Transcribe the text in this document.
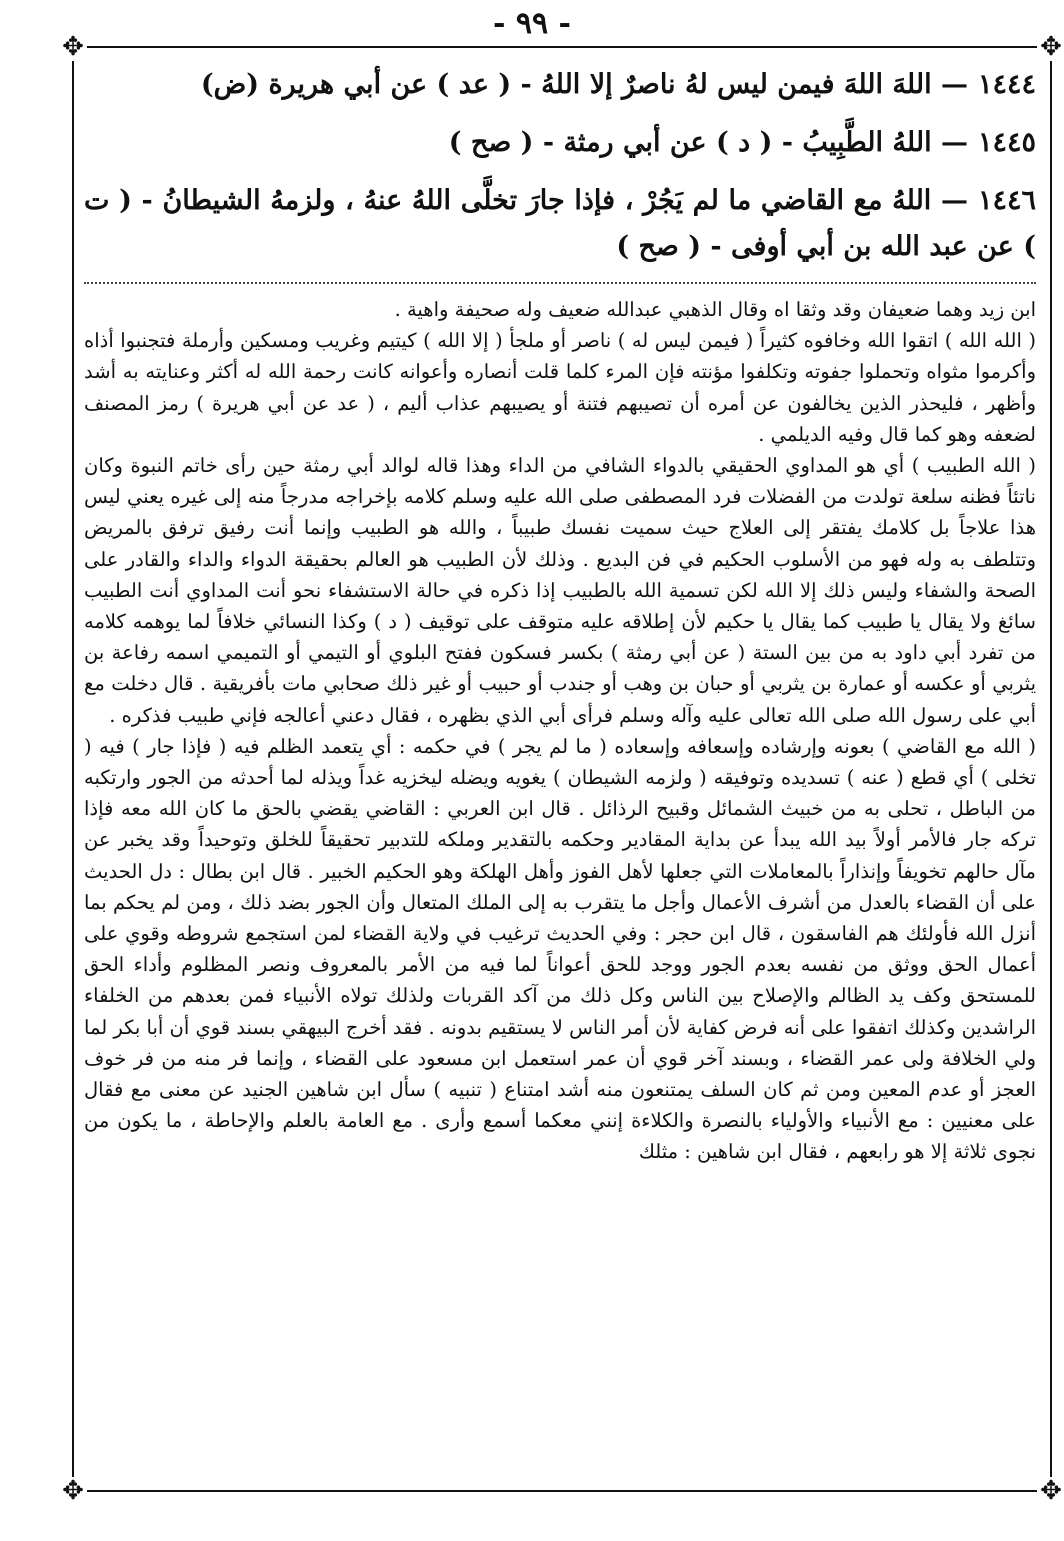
- ٩٩ -
✥	✥
✥	✥
١٤٤٤— اللهَ اللهَ فيمن ليس لهُ ناصرٌ إلا اللهُ - ( عد ) عن أبي هريرة (ض)
١٤٤٥— اللهُ الطَّبِيبُ - ( د ) عن أبي رمثة - ( صح )
١٤٤٦— اللهُ مع القاضي ما لم يَجُرْ ، فإذا جارَ تخلَّى اللهُ عنهُ ، ولزمهُ الشيطانُ - ( ت ) عن عبد الله بن أبي أوفى - ( صح )

ابن زيد وهما ضعيفان وقد وثقا اه وقال الذهبي عبدالله ضعيف وله صحيفة واهية .

( الله الله ) اتقوا الله وخافوه كثيراً ( فيمن ليس له ) ناصر أو ملجأ ( إلا الله ) كيتيم وغريب ومسكين وأرملة فتجنبوا أذاه وأكرموا مثواه وتحملوا جفوته وتكلفوا مؤنته فإن المرء كلما قلت أنصاره وأعوانه كانت رحمة الله له أكثر وعنايته به أشد وأظهر ، فليحذر الذين يخالفون عن أمره أن تصيبهم فتنة أو يصيبهم عذاب أليم ، ( عد عن أبي هريرة ) رمز المصنف لضعفه وهو كما قال وفيه الديلمي .

( الله الطبيب ) أي هو المداوي الحقيقي بالدواء الشافي من الداء وهذا قاله لوالد أبي رمثة حين رأى خاتم النبوة وكان ناتئاً فظنه سلعة تولدت من الفضلات فرد المصطفى صلى الله عليه وسلم كلامه بإخراجه مدرجاً منه إلى غيره يعني ليس هذا علاجاً بل كلامك يفتقر إلى العلاج حيث سميت نفسك طبيباً ، والله هو الطبيب وإنما أنت رفيق ترفق بالمريض وتتلطف به وله فهو من الأسلوب الحكيم في فن البديع . وذلك لأن الطبيب هو العالم بحقيقة الدواء والداء والقادر على الصحة والشفاء وليس ذلك إلا الله لكن تسمية الله بالطبيب إذا ذكره في حالة الاستشفاء نحو أنت المداوي أنت الطبيب سائغ ولا يقال يا طبيب كما يقال يا حكيم لأن إطلاقه عليه متوقف على توقيف ( د ) وكذا النسائي خلافاً لما يوهمه كلامه من تفرد أبي داود به من بين الستة ( عن أبي رمثة ) بكسر فسكون ففتح البلوي أو التيمي أو التميمي اسمه رفاعة بن يثربي أو عكسه أو عمارة بن يثربي أو حبان بن وهب أو جندب أو حبيب أو غير ذلك صحابي مات بأفريقية . قال دخلت مع أبي على رسول الله صلى الله تعالى عليه وآله وسلم فرأى أبي الذي بظهره ، فقال دعني أعالجه فإني طبيب فذكره .

( الله مع القاضي ) بعونه وإرشاده وإسعافه وإسعاده ( ما لم يجر ) في حكمه : أي يتعمد الظلم فيه ( فإذا جار ) فيه ( تخلى ) أي قطع ( عنه ) تسديده وتوفيقه ( ولزمه الشيطان ) يغويه ويضله ليخزيه غداً ويذله لما أحدثه من الجور وارتكبه من الباطل ، تحلى به من خبيث الشمائل وقبيح الرذائل . قال ابن العربي : القاضي يقضي بالحق ما كان الله معه فإذا تركه جار فالأمر أولاً بيد الله يبدأ عن بداية المقادير وحكمه بالتقدير وملكه للتدبير تحقيقاً للخلق وتوحيداً وقد يخبر عن مآل حالهم تخويفاً وإنذاراً بالمعاملات التي جعلها لأهل الفوز وأهل الهلكة وهو الحكيم الخبير . قال ابن بطال : دل الحديث على أن القضاء بالعدل من أشرف الأعمال وأجل ما يتقرب به إلى الملك المتعال وأن الجور بضد ذلك ، ومن لم يحكم بما أنزل الله فأولئك هم الفاسقون ، قال ابن حجر : وفي الحديث ترغيب في ولاية القضاء لمن استجمع شروطه وقوي على أعمال الحق ووثق من نفسه بعدم الجور ووجد للحق أعواناً لما فيه من الأمر بالمعروف ونصر المظلوم وأداء الحق للمستحق وكف يد الظالم والإصلاح بين الناس وكل ذلك من آكد القربات ولذلك تولاه الأنبياء فمن بعدهم من الخلفاء الراشدين وكذلك اتفقوا على أنه فرض كفاية لأن أمر الناس لا يستقيم بدونه . فقد أخرج البيهقي بسند قوي أن أبا بكر لما ولي الخلافة ولى عمر القضاء ، وبسند آخر قوي أن عمر استعمل ابن مسعود على القضاء ، وإنما فر منه من فر خوف العجز أو عدم المعين ومن ثم كان السلف يمتنعون منه أشد امتناع ( تنبيه ) سأل ابن شاهين الجنيد عن معنى مع فقال على معنيين : مع الأنبياء والأولياء بالنصرة والكلاءة إنني معكما أسمع وأرى . مع العامة بالعلم والإحاطة ، ما يكون من نجوى ثلاثة إلا هو رابعهم ، فقال ابن شاهين : مثلك
